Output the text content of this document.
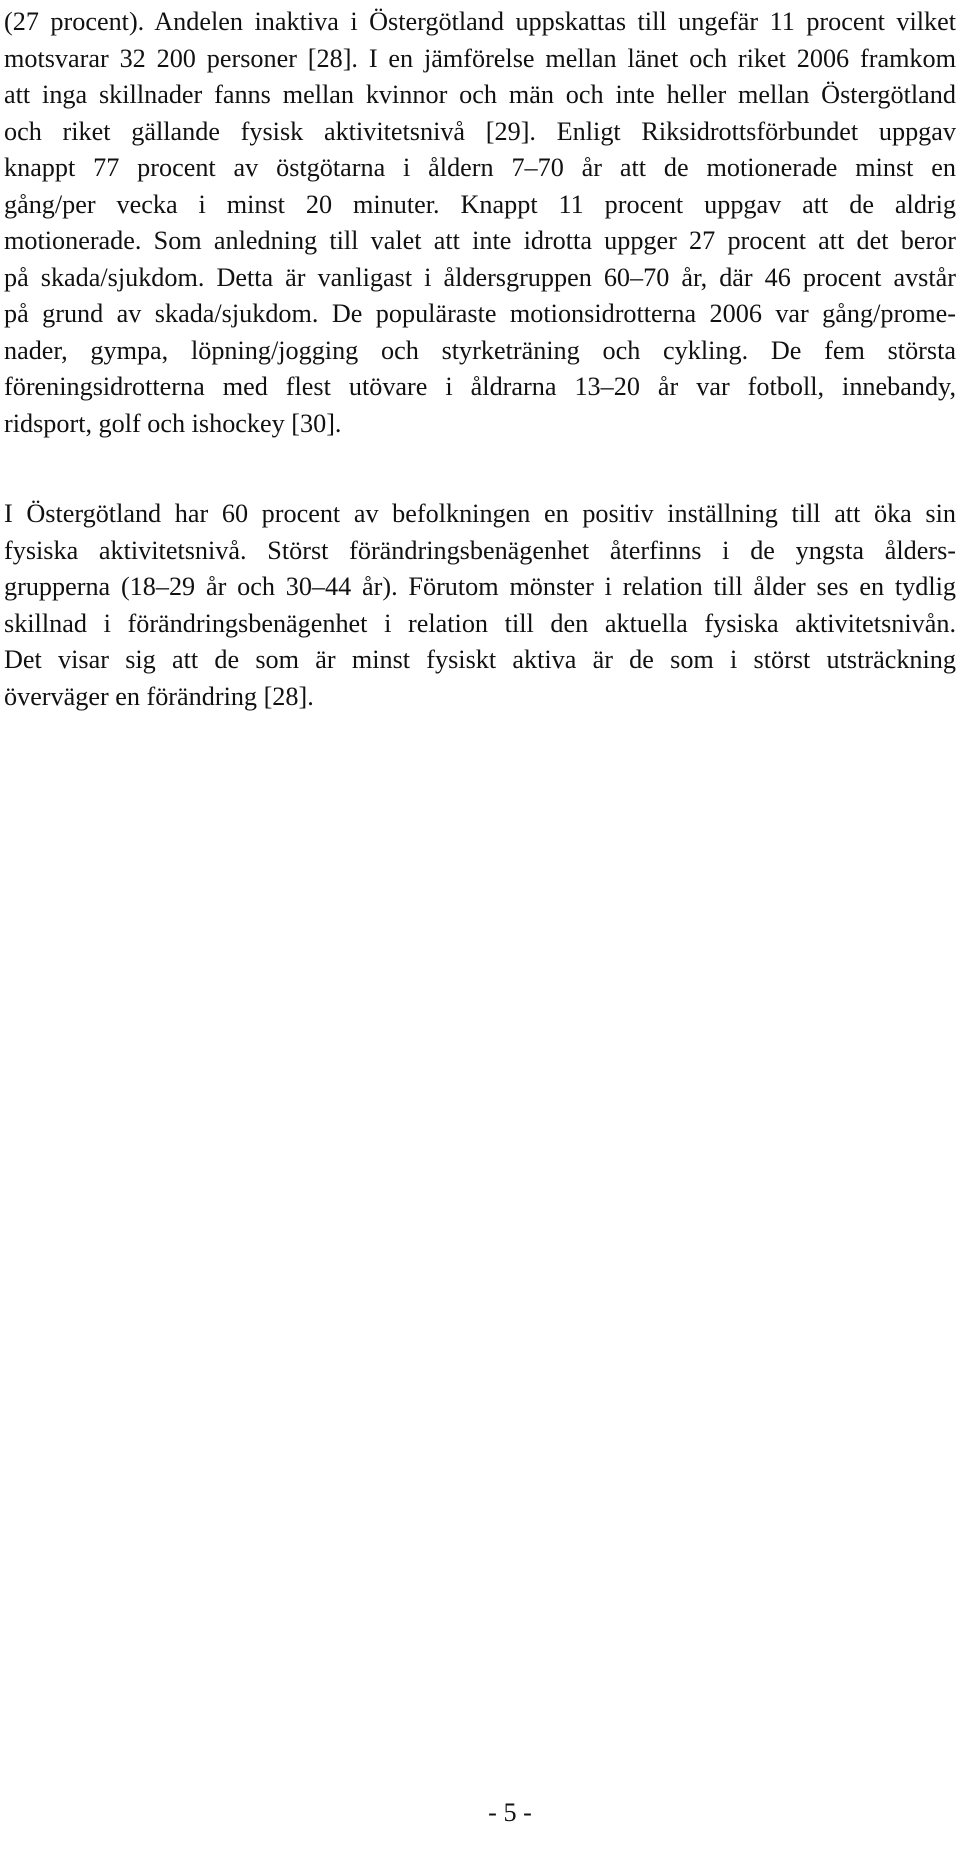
(27 procent). Andelen inaktiva i Östergötland uppskattas till ungefär 11 procent vilket
motsvarar 32 200 personer [28]. I en jämförelse mellan länet och riket 2006 framkom
att inga skillnader fanns mellan kvinnor och män och inte heller mellan Östergötland
och riket gällande fysisk aktivitetsnivå [29]. Enligt Riksidrottsförbundet uppgav
knappt 77 procent av östgötarna i åldern 7–70 år att de motionerade minst en
gång/per vecka i minst 20 minuter. Knappt 11 procent uppgav att de aldrig
motionerade. Som anledning till valet att inte idrotta uppger 27 procent att det beror
på skada/sjukdom. Detta är vanligast i åldersgruppen 60–70 år, där 46 procent avstår
på grund av skada/sjukdom. De populäraste motionsidrotterna 2006 var gång/prome-
nader, gympa, löpning/jogging och styrketräning och cykling. De fem största
föreningsidrotterna med flest utövare i åldrarna 13–20 år var fotboll, innebandy,
ridsport, golf och ishockey [30].
I Östergötland har 60 procent av befolkningen en positiv inställning till att öka sin
fysiska aktivitetsnivå. Störst förändringsbenägenhet återfinns i de yngsta ålders-
grupperna (18–29 år och 30–44 år). Förutom mönster i relation till ålder ses en tydlig
skillnad i förändringsbenägenhet i relation till den aktuella fysiska aktivitetsnivån.
Det visar sig att de som är minst fysiskt aktiva är de som i störst utsträckning
överväger en förändring [28].
- 5 -
